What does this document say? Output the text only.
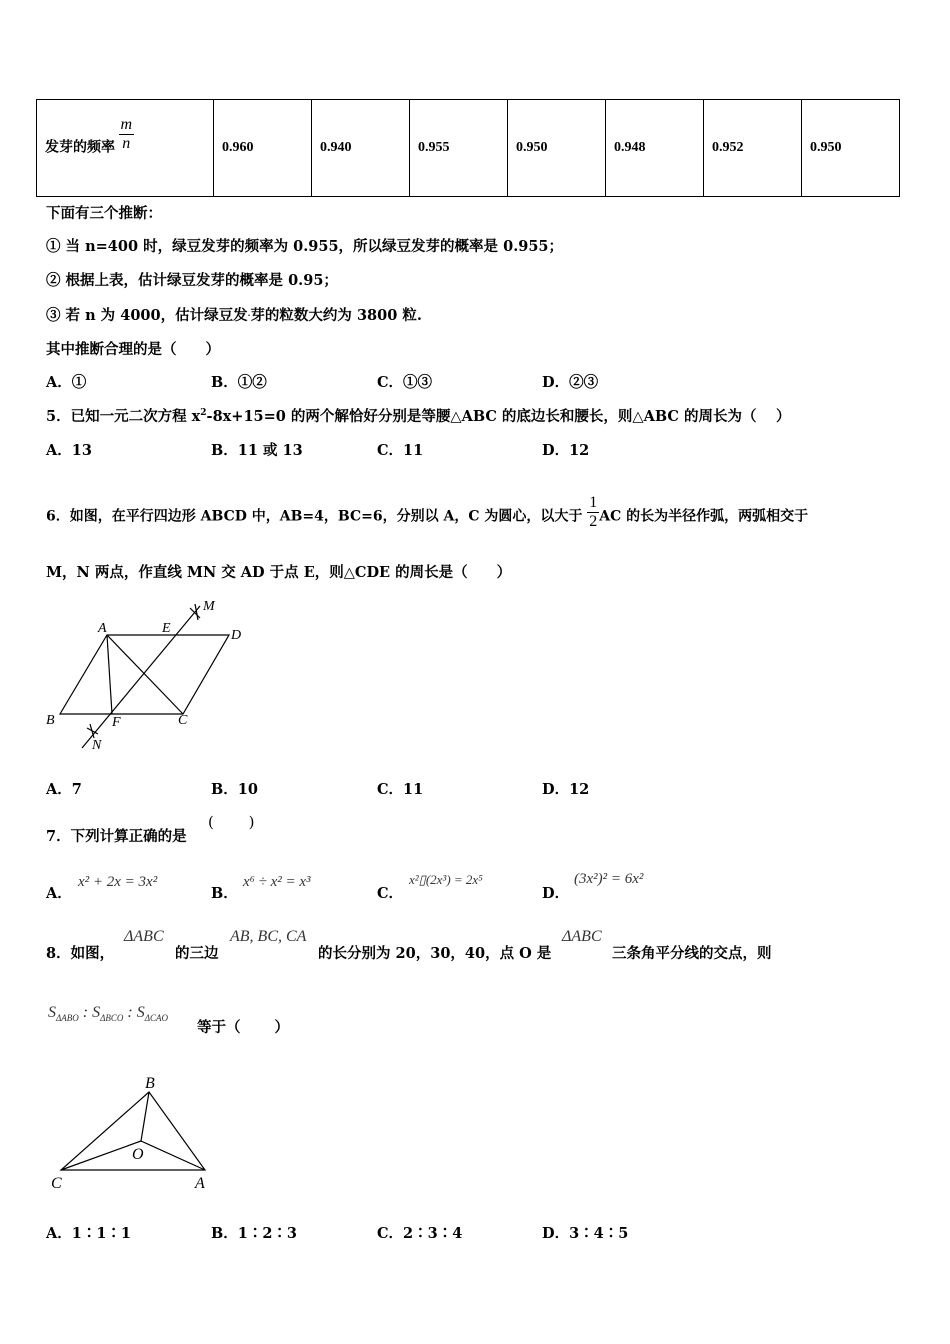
发芽的频率 $\frac{m}{n}$	0.960	0.940	0.955	0.950	0.948	0.952	0.950
下面有三个推断：
① 当 n=400 时，绿豆发芽的频率为 0.955，所以绿豆发芽的概率是 0.955；
② 根据上表，估计绿豆发芽的概率是 0.95；
③ 若 n 为 4000，估计绿豆发·芽的粒数大约为 3800 粒.
其中推断合理的是（　　）
A．①	B．①②	C．①③	D．②③
5．已知一元二次方程 $x^2-8x+15=0$ 的两个解恰好分别是等腰△ABC 的底边长和腰长，则△ABC 的周长为（　 ）
A．13	B．11 或 13	C．11	D．12
6．如图，在平行四边形 ABCD 中，AB=4，BC=6，分别以 A，C 为圆心，以大于 $\frac{1}{2}$ AC 的长为半径作弧，两弧相交于
M，N 两点，作直线 MN 交 AD 于点 E，则△CDE 的周长是（　　）
M
A	E	D
B	F	C
N
A．7	B．10	C．11	D．12
7．下列计算正确的是
(　　 )
A．
x² + 2x = 3x²
B．
x⁶ ÷ x² = x³
C．
x²▯(2x³) = 2x⁵
D．
(3x²)² = 6x²
8．如图，
ΔABC
的三边
AB, BC, CA
的长分别为 20，30，40，点 O 是
ΔABC
三条角平分线的交点，则
$S_{\Delta ABO}$ : $S_{\Delta BCO}$ : $S_{\Delta CAO}$
等于（　　 ）
B
O
C	A
A．1∶1∶1	B．1∶2∶3	C．2∶3∶4	D．3∶4∶5
